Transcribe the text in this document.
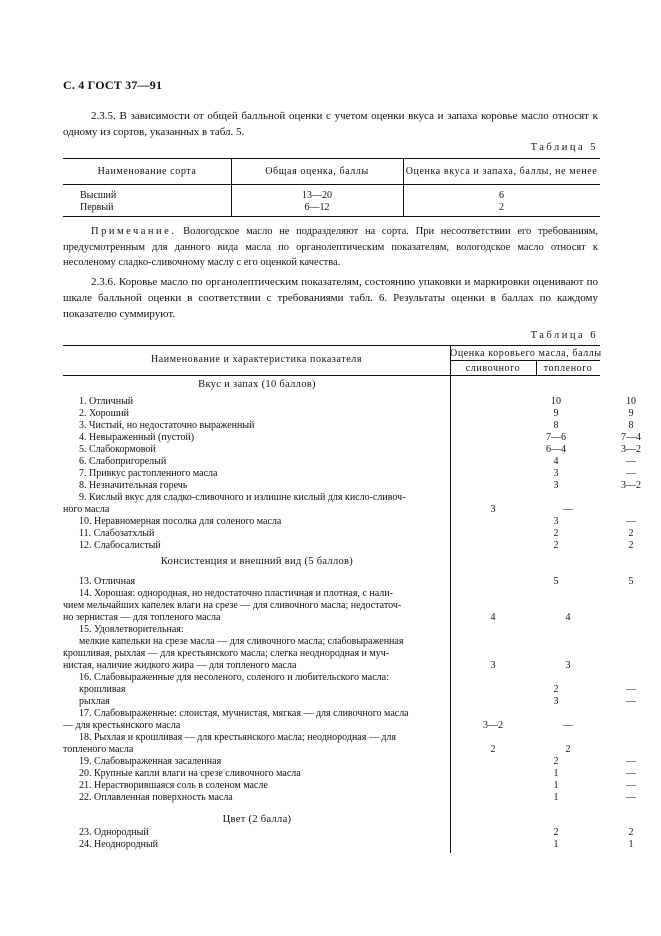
С. 4 ГОСТ 37—91
2.3.5. В зависимости от общей балльной оценки с учетом оценки вкуса и запаха коровье масло относят к одному из сортов, указанных в табл. 5.
Таблица 5
Наименование сорта	Общая оценка, баллы	Оценка вкуса и запаха, баллы, не менее
Высший	13—20	6
Первый	6—12	2
Примечание. Вологодское масло не подразделяют на сорта. При несоответствии его требованиям, предусмотренным для данного вида масла по органолептическим показателям, вологодское масло относят к несоленому сладко-сливочному маслу с его оценкой качества.
2.3.6. Коровье масло по органолептическим показателям, состоянию упаковки и маркировки оценивают по шкале балльной оценки в соответствии с требованиями табл. 6. Результаты оценки в баллах по каждому показателю суммируют.
Таблица 6
Наименование и характеристика показателя
Оценка коровьего масла, баллы
сливочного	топленого
Вкус и запах (10 баллов)
1. Отличный	10	10
2. Хороший	9	9
3. Чистый, но недостаточно выраженный	8	8
4. Невыраженный (пустой)	7—6	7—4
5. Слабокормовой	6—4	3—2
6. Слабопригорелый	4	—
7. Привкус растопленного масла	3	—
8. Незначительная горечь	3	3—2
9. Кислый вкус для сладко-сливочного и излишне кислый для кисло-сливоч-
ного масла	3	—
10. Неравномерная посолка для соленого масла	3	—
11. Слабозатхлый	2	2
12. Слабосалистый	2	2
Консистенция и внешний вид (5 баллов)
13. Отличная	5	5
14. Хорошая: однородная, но недостаточно пластичная и плотная, с нали-
чием мельчайших капелек влаги на срезе — для сливочного масла; недостаточ-
но зернистая — для топленого масла	4	4
15. Удовлетворительная:
мелкие капельки на срезе масла — для сливочного масла; слабовыраженная
крошливая, рыхлая — для крестьянского масла; слегка неоднородная и муч-
нистая, наличие жидкого жира — для топленого масла	3	3
16. Слабовыраженные для несоленого, соленого и любительского масла:
крошливая	2	—
рыхлая	3	—
17. Слабовыраженные: слоистая, мучнистая, мягкая — для сливочного масла
— для крестьянского масла	3—2	—
18. Рыхлая и крошливая — для крестьянского масла; неоднородная — для
топленого масла	2	2
19. Слабовыраженная засаленная	2	—
20. Крупные капли влаги на срезе сливочного масла	1	—
21. Нерастворившаяся соль в соленом масле	1	—
22. Оплавленная поверхность масла	1	—
Цвет (2 балла)
23. Однородный	2	2
24. Неоднородный	1	1
